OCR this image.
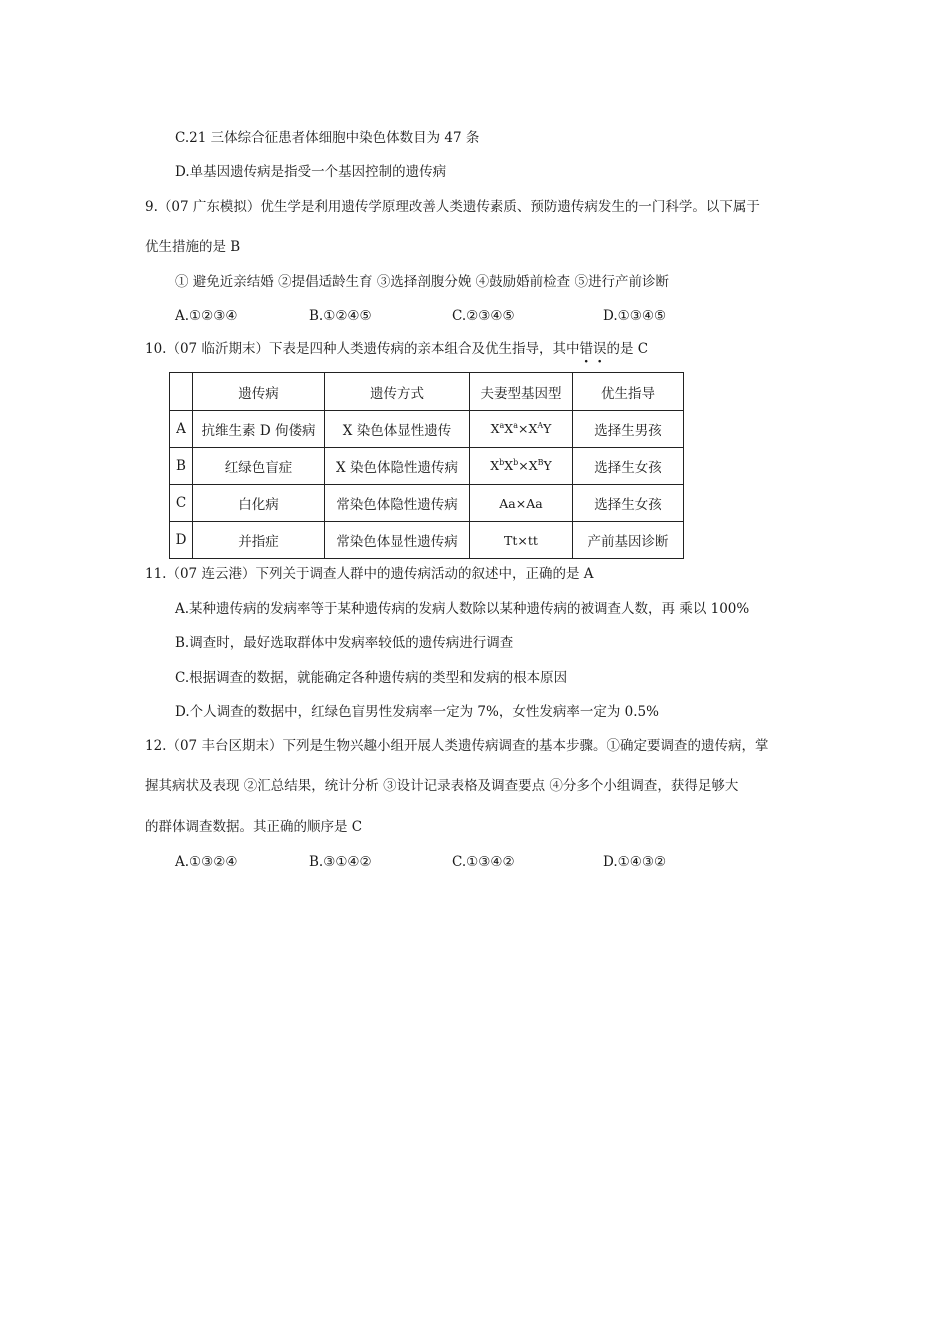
C.21 三体综合征患者体细胞中染色体数目为 47 条
D.单基因遗传病是指受一个基因控制的遗传病
9.（07 广东模拟）优生学是利用遗传学原理改善人类遗传素质、预防遗传病发生的一门科学。以下属于
优生措施的是 B
① 避免近亲结婚 ②提倡适龄生育 ③选择剖腹分娩 ④鼓励婚前检查 ⑤进行产前诊断
A.①②③④	B.①②④⑤	C.②③④⑤	D.①③④⑤
10.（07 临沂期末）下表是四种人类遗传病的亲本组合及优生指导，其中错误的是 C
	遗传病	遗传方式	夫妻型基因型	优生指导
A	抗维生素 D 佝偻病	X 染色体显性遗传	$X^aX^a\times X^AY$	选择生男孩
B	红绿色盲症	X 染色体隐性遗传病	$X^bX^b\times X^BY$	选择生女孩
C	白化病	常染色体隐性遗传病	Aa×Aa	选择生女孩
D	并指症	常染色体显性遗传病	Tt×tt	产前基因诊断
11.（07 连云港）下列关于调查人群中的遗传病活动的叙述中，正确的是 A
A.某种遗传病的发病率等于某种遗传病的发病人数除以某种遗传病的被调查人数，再 乘以 100%
B.调查时，最好选取群体中发病率较低的遗传病进行调查
C.根据调查的数据，就能确定各种遗传病的类型和发病的根本原因
D.个人调查的数据中，红绿色盲男性发病率一定为 7%，女性发病率一定为 0.5%
12.（07 丰台区期末）下列是生物兴趣小组开展人类遗传病调查的基本步骤。①确定要调查的遗传病，掌
握其病状及表现 ②汇总结果，统计分析 ③设计记录表格及调查要点 ④分多个小组调查，获得足够大
的群体调查数据。其正确的顺序是 C
A.①③②④	B.③①④②	C.①③④②	D.①④③②
